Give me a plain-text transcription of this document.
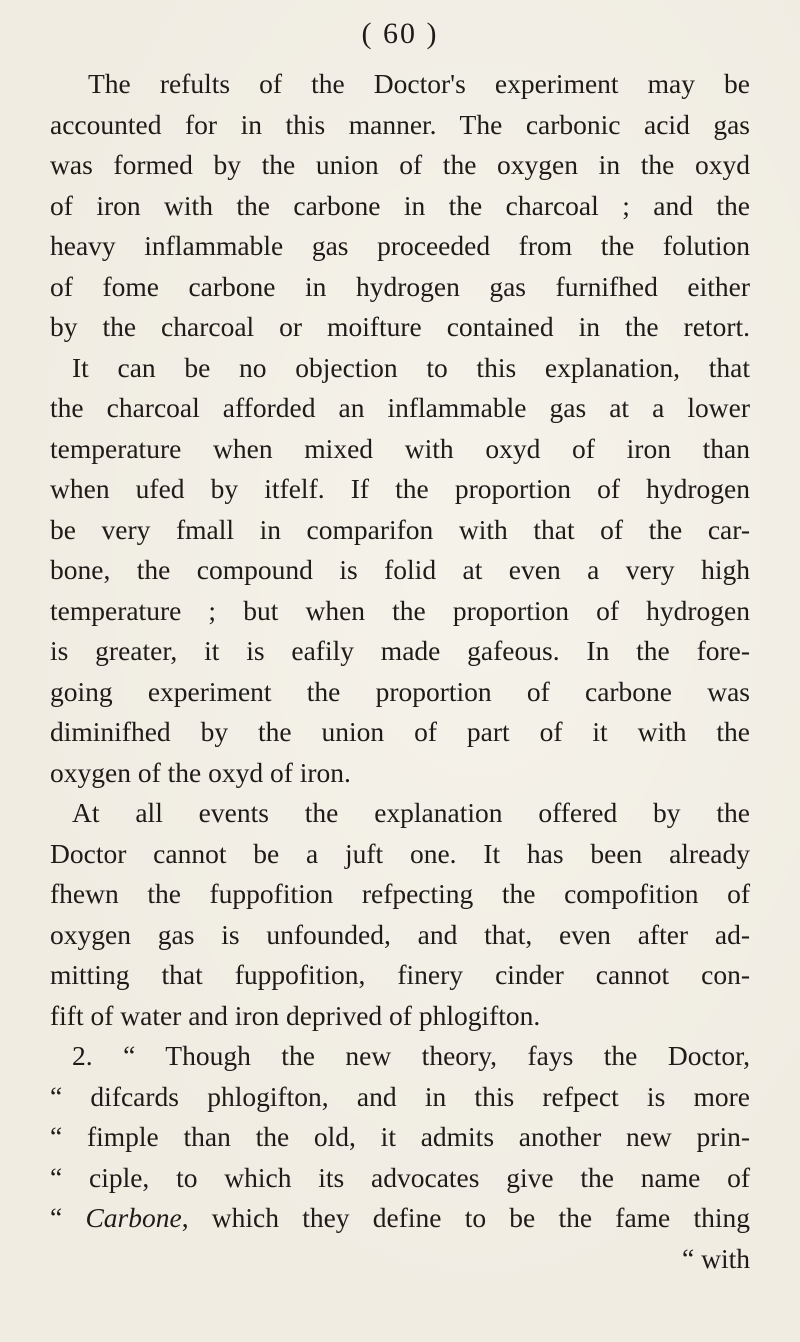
( 60 )
The refults of the Doctor's experiment may be
accounted for in this manner. The carbonic acid gas
was formed by the union of the oxygen in the oxyd
of iron with the carbone in the charcoal ; and the
heavy inflammable gas proceeded from the folution
of fome carbone in hydrogen gas furnifhed either
by the charcoal or moifture contained in the retort.
It can be no objection to this explanation, that
the charcoal afforded an inflammable gas at a lower
temperature when mixed with oxyd of iron than
when ufed by itfelf. If the proportion of hydrogen
be very fmall in comparifon with that of the car-
bone, the compound is folid at even a very high
temperature ; but when the proportion of hydrogen
is greater, it is eafily made gafeous. In the fore-
going experiment the proportion of carbone was
diminifhed by the union of part of it with the
oxygen of the oxyd of iron.
At all events the explanation offered by the
Doctor cannot be a juft one. It has been already
fhewn the fuppofition refpecting the compofition of
oxygen gas is unfounded, and that, even after ad-
mitting that fuppofition, finery cinder cannot con-
fift of water and iron deprived of phlogifton.
2. “ Though the new theory, fays the Doctor,
“ difcards phlogifton, and in this refpect is more
“ fimple than the old, it admits another new prin-
“ ciple, to which its advocates give the name of
“ Carbone, which they define to be the fame thing
“ with
